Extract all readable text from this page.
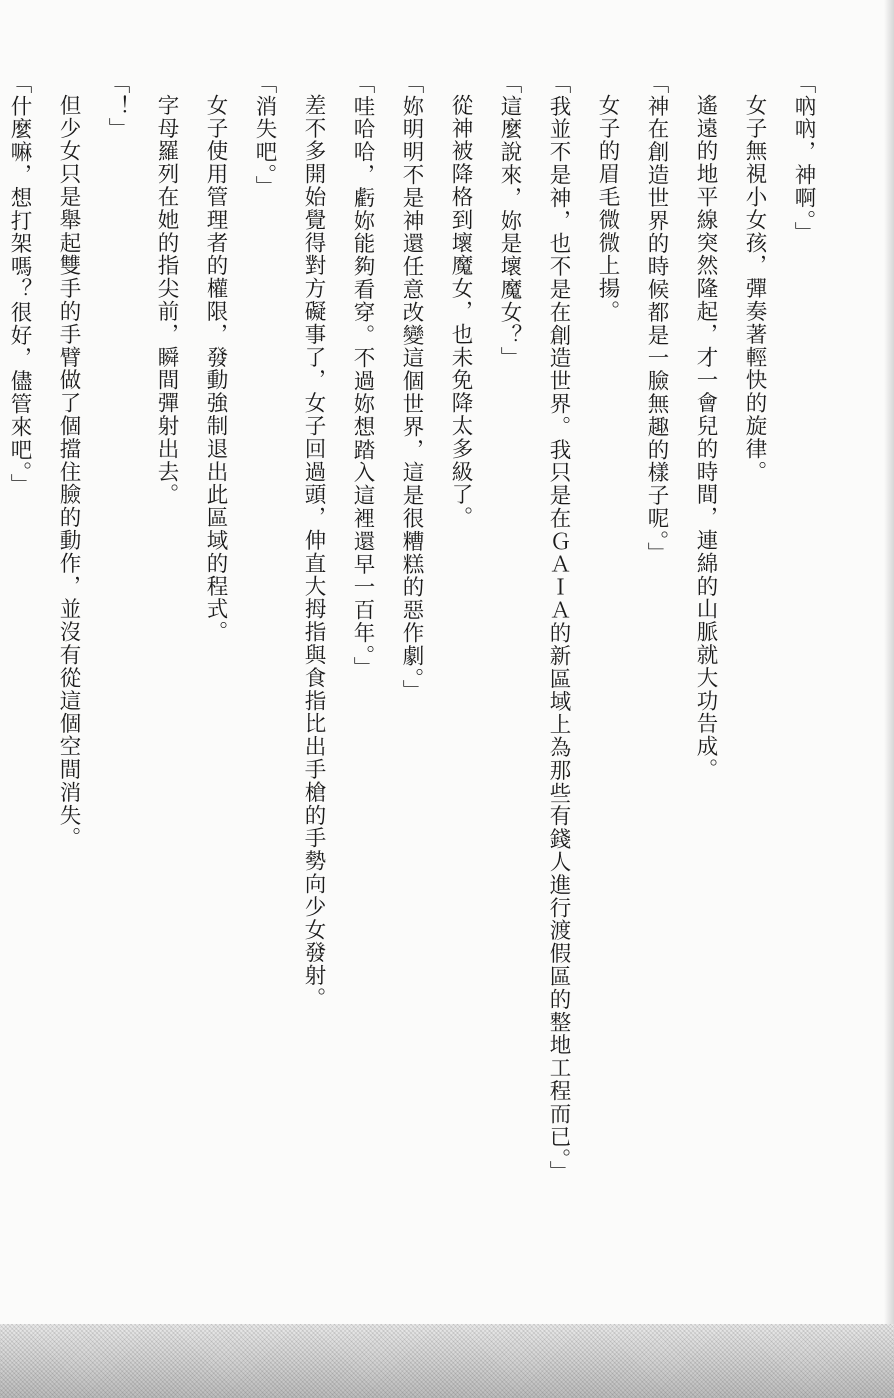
「吶吶，神啊。」
女子無視小女孩，彈奏著輕快的旋律。
遙遠的地平線突然隆起，才一會兒的時間，連綿的山脈就大功告成。
「神在創造世界的時候都是一臉無趣的樣子呢。」
女子的眉毛微微上揚。
「我並不是神，也不是在創造世界。我只是在ＧＡＩＡ的新區域上為那些有錢人進行渡假區的整地工程而已。」
「這麼說來，妳是壞魔女？」
從神被降格到壞魔女，也未免降太多級了。
「妳明明不是神還任意改變這個世界，這是很糟糕的惡作劇。」
「哇哈哈，虧妳能夠看穿。不過妳想踏入這裡還早一百年。」
差不多開始覺得對方礙事了，女子回過頭，伸直大拇指與食指比出手槍的手勢向少女發射。
「消失吧。」
女子使用管理者的權限，發動強制退出此區域的程式。
字母羅列在她的指尖前，瞬間彈射出去。
「！」
但少女只是舉起雙手的手臂做了個擋住臉的動作，並沒有從這個空間消失。
「什麼嘛，想打架嗎？很好，儘管來吧。」
